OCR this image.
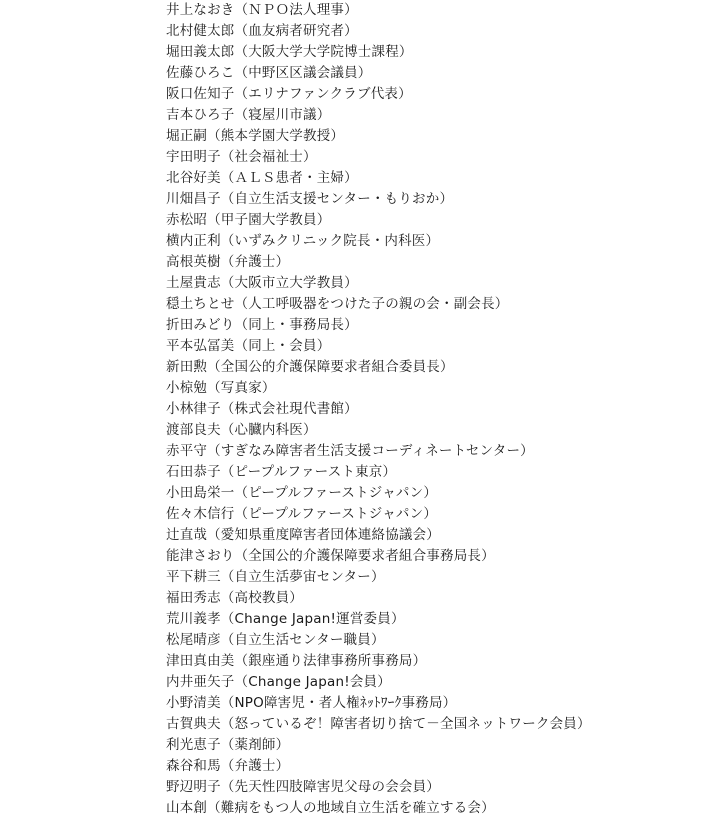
井上なおき（ＮＰＯ法人理事）
北村健太郎（血友病者研究者）
堀田義太郎（大阪大学大学院博士課程）
佐藤ひろこ（中野区区議会議員）
阪口佐知子（エリナファンクラブ代表）
吉本ひろ子（寝屋川市議）
堀正嗣（熊本学園大学教授）
宇田明子（社会福祉士）
北谷好美（ＡＬＳ患者・主婦）
川畑昌子（自立生活支援センター・もりおか）
赤松昭（甲子園大学教員）
横内正利（いずみクリニック院長・内科医）
高根英樹（弁護士）
土屋貴志（大阪市立大学教員）
穏土ちとせ（人工呼吸器をつけた子の親の会・副会長）
折田みどり（同上・事務局長）
平本弘冨美（同上・会員）
新田勲（全国公的介護保障要求者組合委員長）
小椋勉（写真家）
小林律子（株式会社現代書館）
渡部良夫（心臓内科医）
赤平守（すぎなみ障害者生活支援コーディネートセンター）
石田恭子（ピープルファースト東京）
小田島栄一（ピープルファーストジャパン）
佐々木信行（ピープルファーストジャパン）
辻直哉（愛知県重度障害者団体連絡協議会）
能津さおり（全国公的介護保障要求者組合事務局長）
平下耕三（自立生活夢宙センター）
福田秀志（高校教員）
荒川義孝（Change Japan!運営委員）
松尾晴彦（自立生活センター職員）
津田真由美（銀座通り法律事務所事務局）
内井亜矢子（Change Japan!会員）
小野清美（NPO障害児・者人権ﾈｯﾄﾜｰｸ事務局）
古賀典夫（怒っているぞ！障害者切り捨て－全国ネットワーク会員）
利光恵子（薬剤師）
森谷和馬（弁護士）
野辺明子（先天性四肢障害児父母の会会員）
山本創（難病をもつ人の地域自立生活を確立する会）
